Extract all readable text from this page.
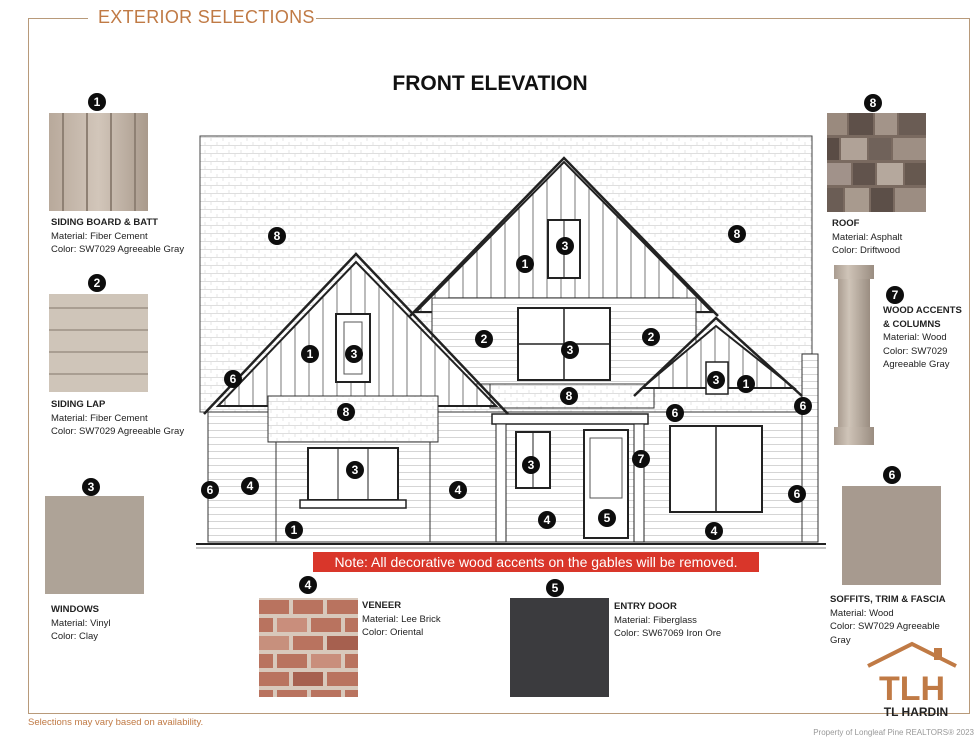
EXTERIOR SELECTIONS
FRONT ELEVATION
1
SIDING BOARD & BATT
Material: Fiber Cement
Color: SW7029 Agreeable Gray
2
SIDING LAP
Material: Fiber Cement
Color: SW7029 Agreeable Gray
3
WINDOWS
Material: Vinyl
Color: Clay
4
VENEER
Material: Lee Brick
Color: Oriental
5
ENTRY DOOR
Material: Fiberglass
Color: SW67069 Iron Ore
8
ROOF
Material: Asphalt
Color: Driftwood
7
WOOD ACCENTS & COLUMNS
Material: Wood
Color: SW7029 Agreeable Gray
6
SOFFITS, TRIM & FASCIA
Material: Wood
Color: SW7029 Agreeable Gray
8	8
1
3
1	3
2	2
3
1
3
6
6
8
8
6
3
7
3
6	4	4
4
4
5
1
6
Note: All decorative wood accents on the gables will be removed.
TLH
TL HARDIN
Selections may vary based on availability.
Property of Longleaf Pine REALTORS® 2023
